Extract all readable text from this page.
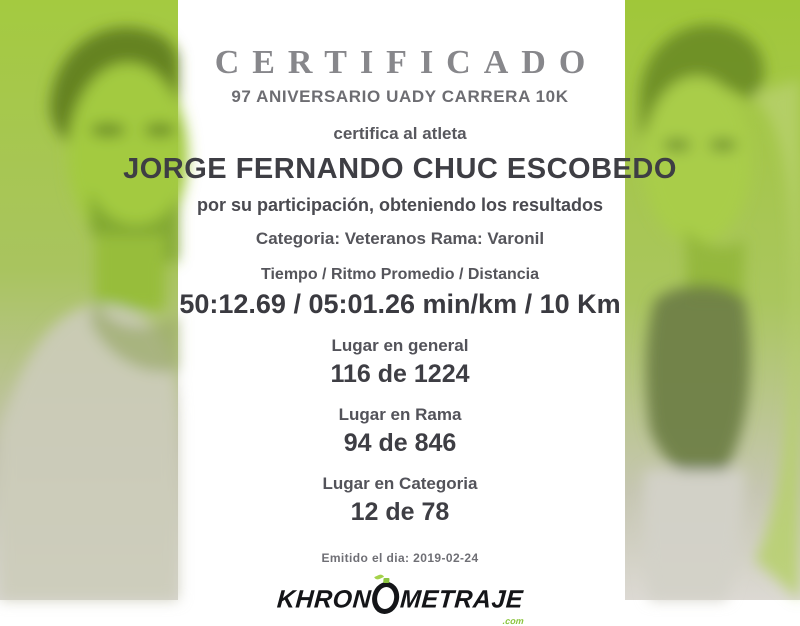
CERTIFICADO
97 ANIVERSARIO UADY CARRERA 10K
certifica al atleta
JORGE FERNANDO CHUC ESCOBEDO
por su participación, obteniendo los resultados
Categoria: Veteranos Rama: Varonil
Tiempo / Ritmo Promedio / Distancia
50:12.69 / 05:01.26 min/km / 10 Km
Lugar en general
116 de 1224
Lugar en Rama
94 de 846
Lugar en Categoria
12 de 78
Emitido el dia: 2019-02-24
KHRON METRAJE
.com
